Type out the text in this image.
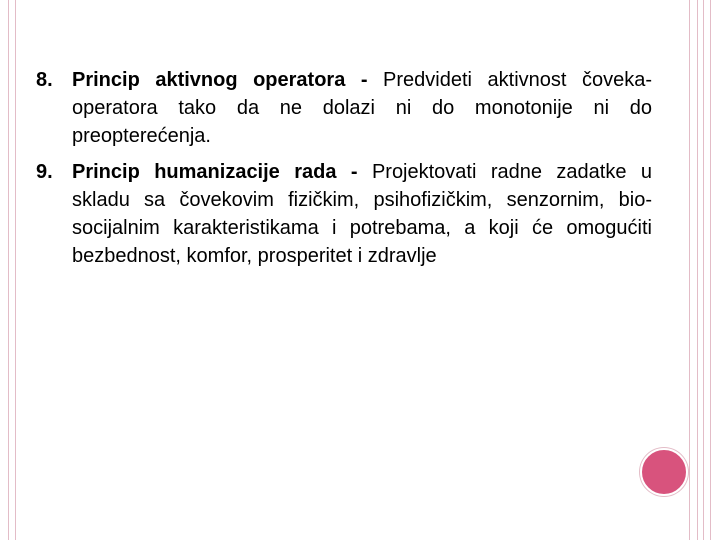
8. Princip aktivnog operatora - Predvideti aktivnost čoveka-operatora tako da ne dolazi ni do monotonije ni do preopterećenja.
9. Princip humanizacije rada - Projektovati radne zadatke u skladu sa čovekovim fizičkim, psihofizičkim, senzornim, bio-socijalnim karakteristikama i potrebama, a koji će omogućiti bezbednost, komfor, prosperitet i zdravlje
